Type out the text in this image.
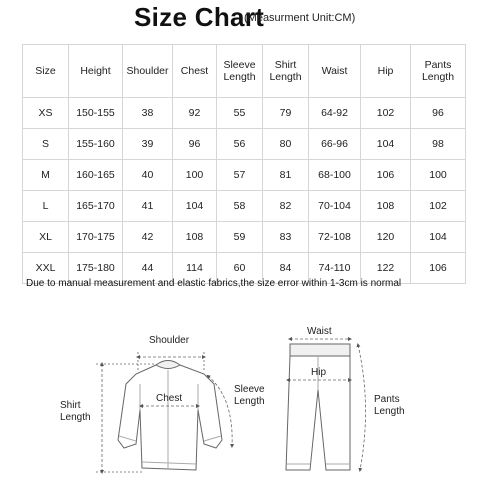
Size Chart
(Measurment Unit:CM)
Size	Height	Shoulder	Chest	Sleeve Length	Shirt Length	Waist	Hip	Pants Length
XS	150-155	38	92	55	79	64-92	102	96
S	155-160	39	96	56	80	66-96	104	98
M	160-165	40	100	57	81	68-100	106	100
L	165-170	41	104	58	82	70-104	108	102
XL	170-175	42	108	59	83	72-108	120	104
XXL	175-180	44	114	60	84	74-110	122	106
Due to manual measurement and elastic fabrics,the size error within 1-3cm is normal
Shoulder
Chest
Sleeve Length
Shirt Length
Waist
Hip
Pants Length
